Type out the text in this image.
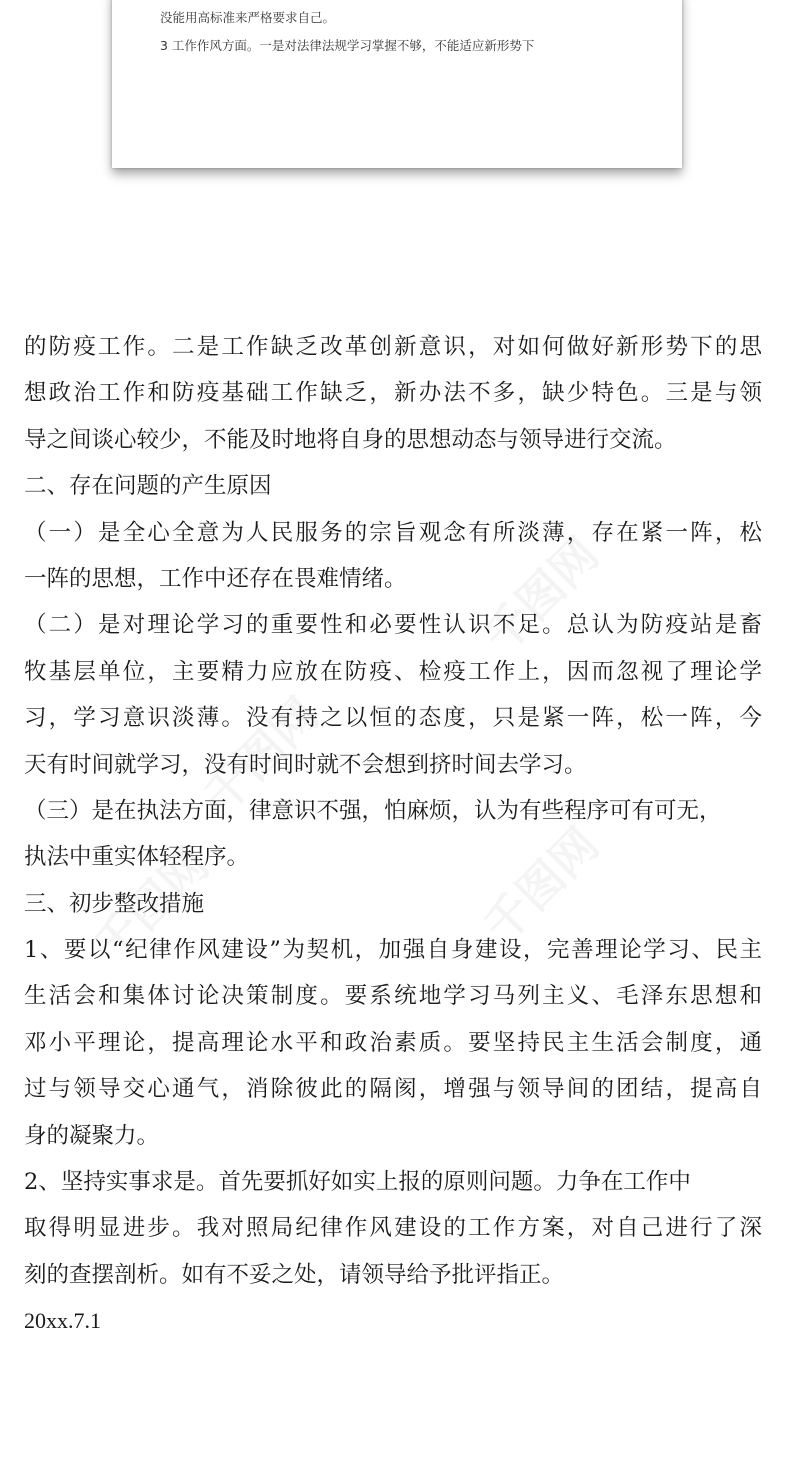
没能用高标准来严格要求自己。
3 工作作风方面。一是对法律法规学习掌握不够，不能适应新形势下
的防疫工作。二是工作缺乏改革创新意识，对如何做好新形势下的思
想政治工作和防疫基础工作缺乏，新办法不多，缺少特色。三是与领
导之间谈心较少，不能及时地将自身的思想动态与领导进行交流。
二、存在问题的产生原因
（一）是全心全意为人民服务的宗旨观念有所淡薄，存在紧一阵，松
一阵的思想，工作中还存在畏难情绪。
（二）是对理论学习的重要性和必要性认识不足。总认为防疫站是畜
牧基层单位，主要精力应放在防疫、检疫工作上，因而忽视了理论学
习，学习意识淡薄。没有持之以恒的态度，只是紧一阵，松一阵，今
天有时间就学习，没有时间时就不会想到挤时间去学习。
（三）是在执法方面，律意识不强，怕麻烦，认为有些程序可有可无，
执法中重实体轻程序。
三、初步整改措施
1、要以“纪律作风建设”为契机，加强自身建设，完善理论学习、民主
生活会和集体讨论决策制度。要系统地学习马列主义、毛泽东思想和
邓小平理论，提高理论水平和政治素质。要坚持民主生活会制度，通
过与领导交心通气，消除彼此的隔阂，增强与领导间的团结，提高自
身的凝聚力。
2、坚持实事求是。首先要抓好如实上报的原则问题。力争在工作中
取得明显进步。我对照局纪律作风建设的工作方案，对自己进行了深
刻的查摆剖析。如有不妥之处，请领导给予批评指正。
20xx.7.1
